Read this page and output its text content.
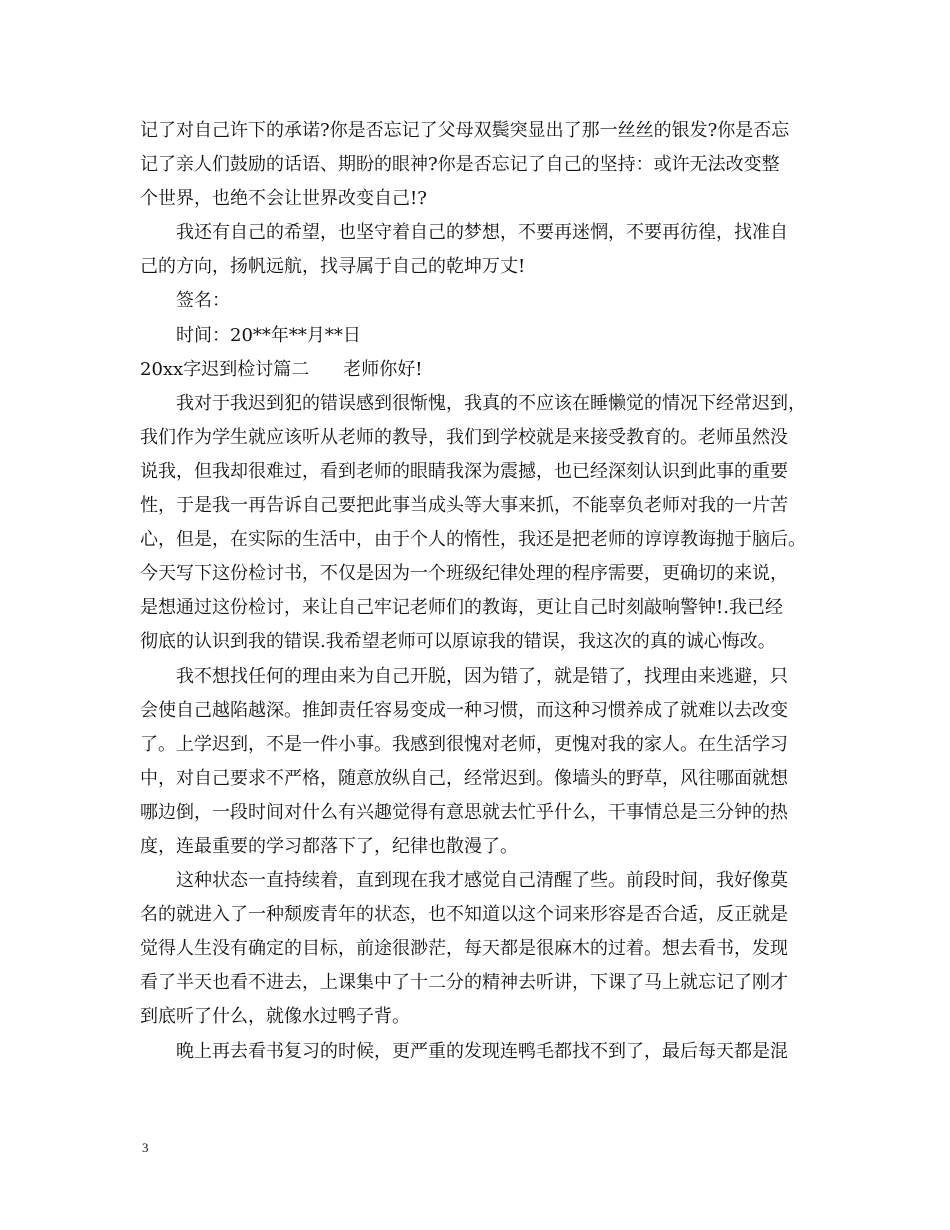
记了对自己许下的承诺?你是否忘记了父母双鬓突显出了那一丝丝的银发?你是否忘
记了亲人们鼓励的话语、期盼的眼神?你是否忘记了自己的坚持：或许无法改变整
个世界，也绝不会让世界改变自己!?
我还有自己的希望，也坚守着自己的梦想，不要再迷惘，不要再彷徨，找准自
己的方向，扬帆远航，找寻属于自己的乾坤万丈!
签名：
时间：20**年**月**日
20xx字迟到检讨篇二 老师你好!
我对于我迟到犯的错误感到很惭愧，我真的不应该在睡懒觉的情况下经常迟到，
我们作为学生就应该听从老师的教导，我们到学校就是来接受教育的。老师虽然没
说我，但我却很难过，看到老师的眼睛我深为震撼，也已经深刻认识到此事的重要
性，于是我一再告诉自己要把此事当成头等大事来抓，不能辜负老师对我的一片苦
心，但是，在实际的生活中，由于个人的惰性，我还是把老师的谆谆教诲抛于脑后。
今天写下这份检讨书，不仅是因为一个班级纪律处理的程序需要，更确切的来说，
是想通过这份检讨，来让自己牢记老师们的教诲，更让自己时刻敲响警钟!.我已经
彻底的认识到我的错误.我希望老师可以原谅我的错误，我这次的真的诚心悔改。
我不想找任何的理由来为自己开脱，因为错了，就是错了，找理由来逃避，只
会使自己越陷越深。推卸责任容易变成一种习惯，而这种习惯养成了就难以去改变
了。上学迟到，不是一件小事。我感到很愧对老师，更愧对我的家人。在生活学习
中，对自己要求不严格，随意放纵自己，经常迟到。像墙头的野草，风往哪面就想
哪边倒，一段时间对什么有兴趣觉得有意思就去忙乎什么，干事情总是三分钟的热
度，连最重要的学习都落下了，纪律也散漫了。
这种状态一直持续着，直到现在我才感觉自己清醒了些。前段时间，我好像莫
名的就进入了一种颓废青年的状态，也不知道以这个词来形容是否合适，反正就是
觉得人生没有确定的目标，前途很渺茫，每天都是很麻木的过着。想去看书，发现
看了半天也看不进去，上课集中了十二分的精神去听讲，下课了马上就忘记了刚才
到底听了什么，就像水过鸭子背。
晚上再去看书复习的时候，更严重的发现连鸭毛都找不到了，最后每天都是混
3
